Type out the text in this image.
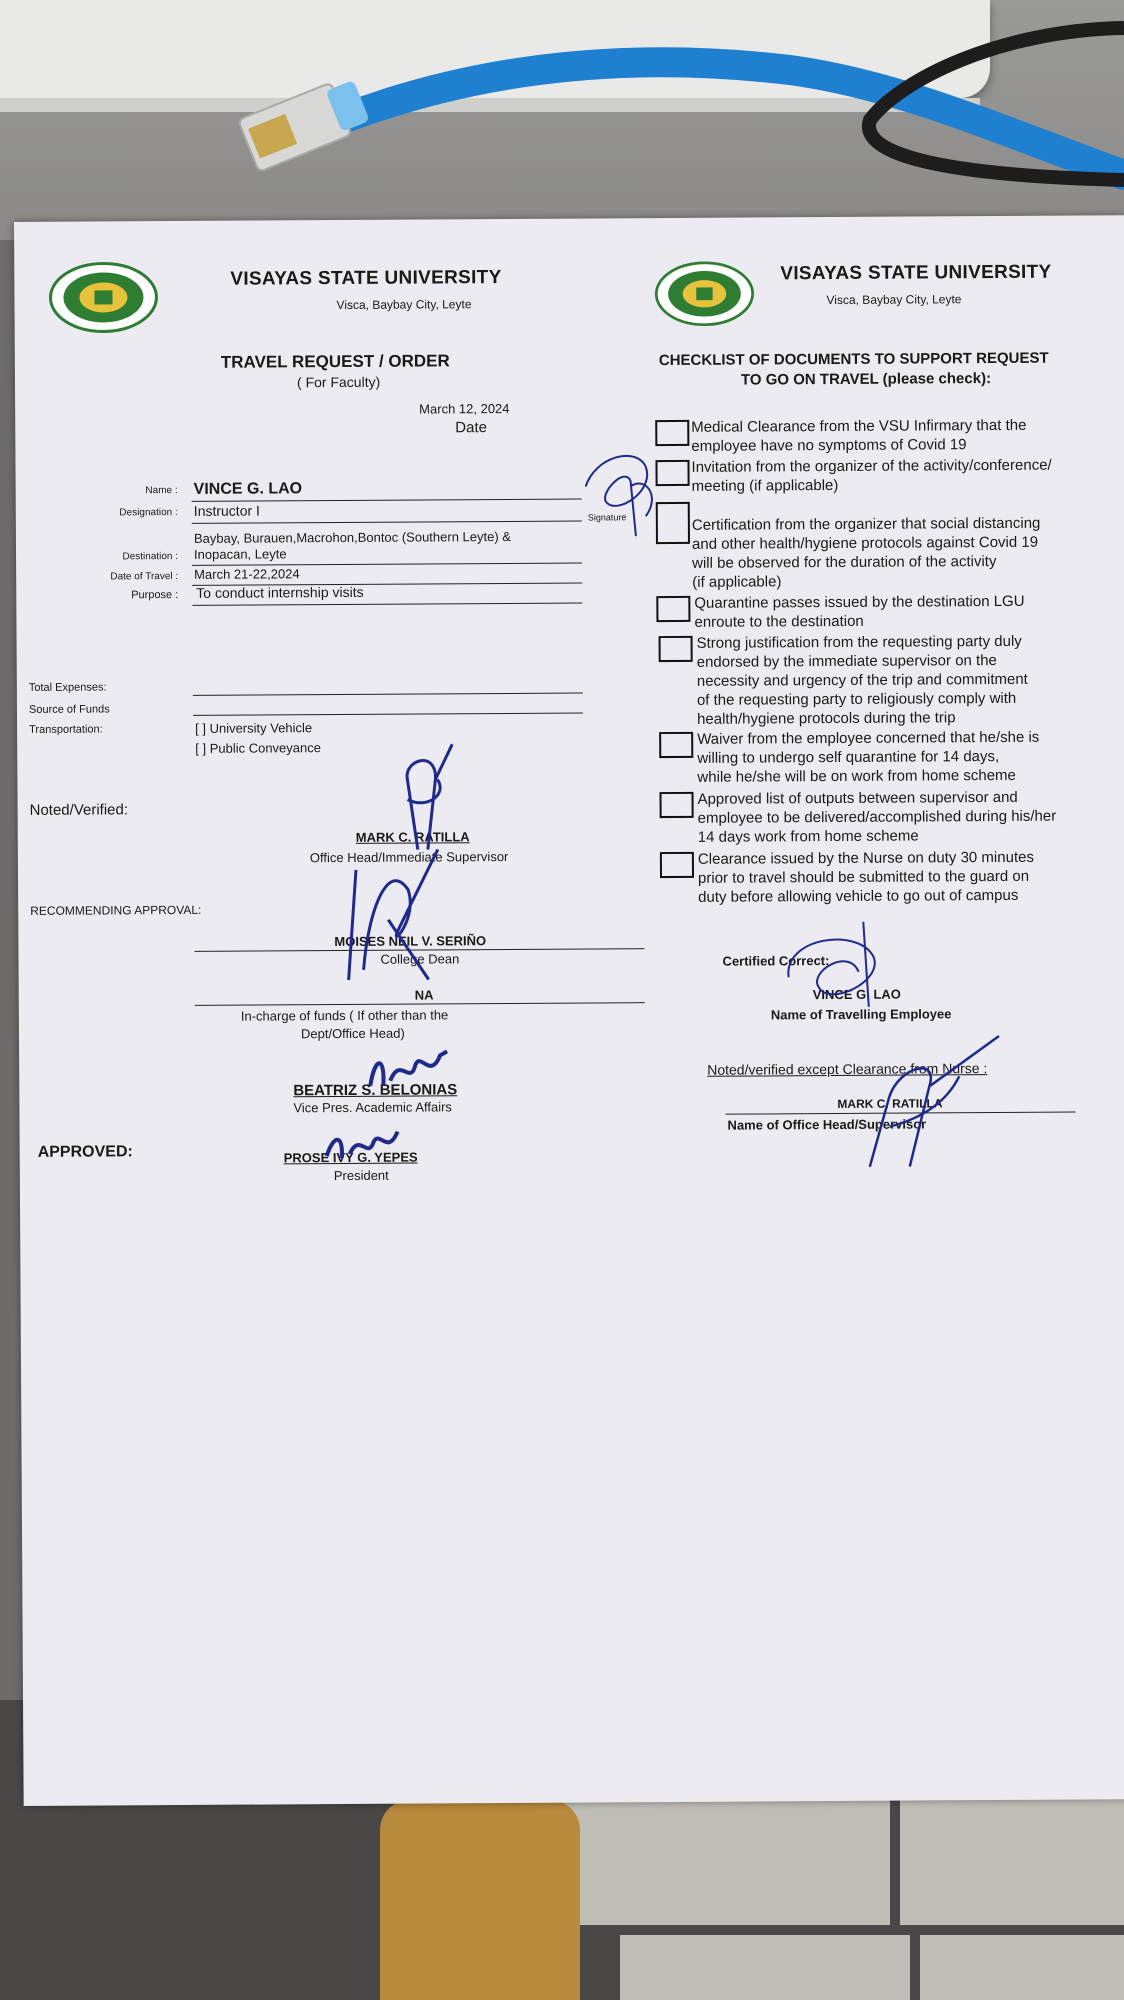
VISAYAS STATE UNIVERSITY
Visca, Baybay City, Leyte
TRAVEL REQUEST / ORDER
( For Faculty)
March 12, 2024
Date
Name : VINCE G. LAO
Designation : Instructor I
Baybay, Burauen,Macrohon,Bontoc (Southern Leyte) &
Destination : Inopacan, Leyte
Date of Travel : March 21-22,2024
Purpose : To conduct internship visits
Signature
Total Expenses:
Source of Funds
Transportation:	[ ] University Vehicle
[ ] Public Conveyance
Noted/Verified:
MARK C. RATILLA
Office Head/Immediate Supervisor
RECOMMENDING APPROVAL:
MOISES NEIL V. SERIÑO
College Dean
NA
In-charge of funds ( If other than the
Dept/Office Head)
BEATRIZ S. BELONIAS
Vice Pres. Academic Affairs
APPROVED:	PROSE IVY G. YEPES
President
VISAYAS STATE UNIVERSITY
Visca, Baybay City, Leyte
CHECKLIST OF DOCUMENTS TO SUPPORT REQUEST
TO GO ON TRAVEL (please check):
Medical Clearance from the VSU Infirmary that the
employee have no symptoms of Covid 19
Invitation from the organizer of the activity/conference/
meeting (if applicable)
Certification from the organizer that social distancing
and other health/hygiene protocols against Covid 19
will be observed for the duration of the activity
(if applicable)
Quarantine passes issued by the destination LGU
enroute to the destination
Strong justification from the requesting party duly
endorsed by the immediate supervisor on the
necessity and urgency of the trip and commitment
of the requesting party to religiously comply with
health/hygiene protocols during the trip
Waiver from the employee concerned that he/she is
willing to undergo self quarantine for 14 days,
while he/she will be on work from home scheme
Approved list of outputs between supervisor and
employee to be delivered/accomplished during his/her
14 days work from home scheme
Clearance issued by the Nurse on duty 30 minutes
prior to travel should be submitted to the guard on
duty before allowing vehicle to go out of campus
Certified Correct:
VINCE G. LAO
Name of Travelling Employee
Noted/verified except Clearance from Nurse :
MARK C. RATILLA
Name of Office Head/Supervisor
